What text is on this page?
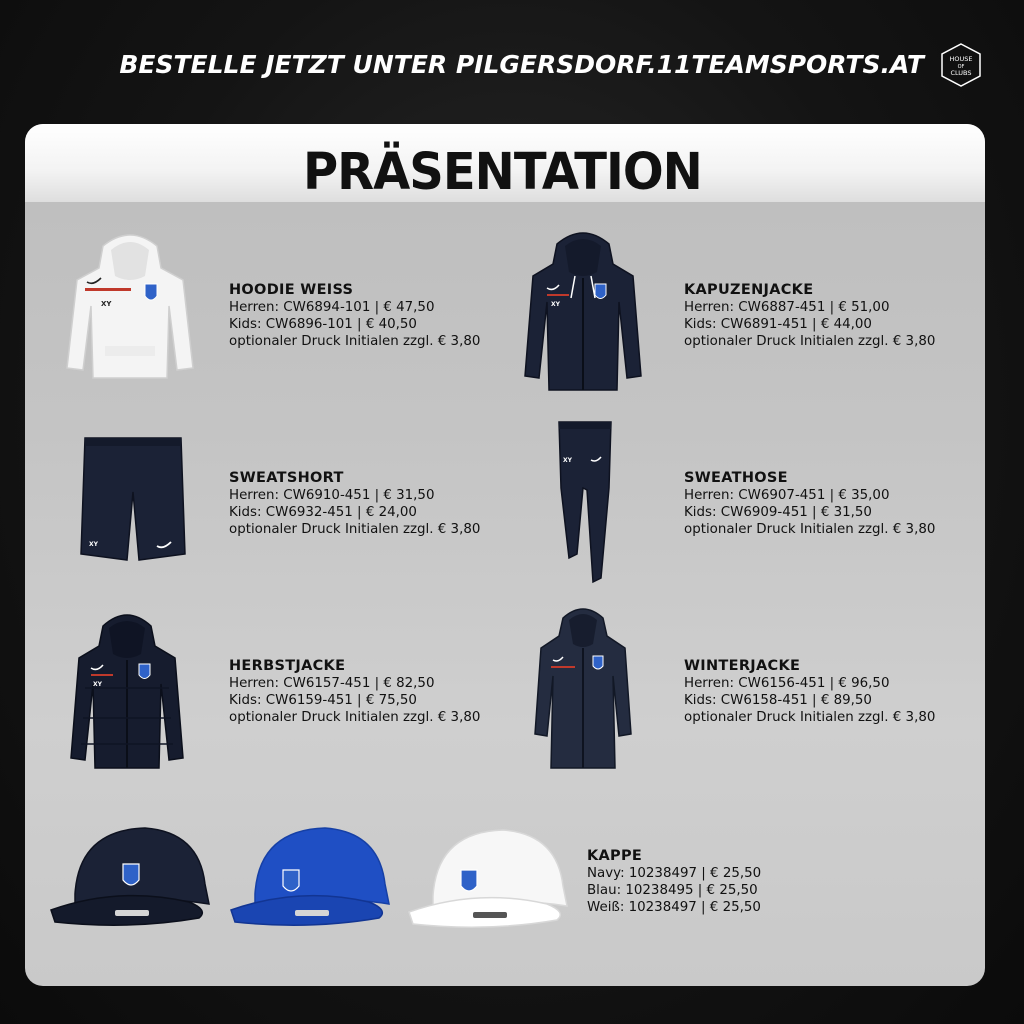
BESTELLE JETZT UNTER PILGERSDORF.11TEAMSPORTS.AT	HOUSE
OF
CLUBS
PRÄSENTATION
XY
HOODIE WEISS
Herren: CW6894-101 | € 47,50
Kids: CW6896-101 | € 40,50
optionaler Druck Initialen zzgl. € 3,80
XY
KAPUZENJACKE
Herren: CW6887-451 | € 51,00
Kids: CW6891-451 | € 44,00
optionaler Druck Initialen zzgl. € 3,80
XY
SWEATSHORT
Herren: CW6910-451 | € 31,50
Kids: CW6932-451 | € 24,00
optionaler Druck Initialen zzgl. € 3,80
XY
SWEATHOSE
Herren: CW6907-451 | € 35,00
Kids: CW6909-451 | € 31,50
optionaler Druck Initialen zzgl. € 3,80
XY
HERBSTJACKE
Herren: CW6157-451 | € 82,50
Kids: CW6159-451 | € 75,50
optionaler Druck Initialen zzgl. € 3,80
WINTERJACKE
Herren: CW6156-451 | € 96,50
Kids: CW6158-451 | € 89,50
optionaler Druck Initialen zzgl. € 3,80
KAPPE
Navy: 10238497 | € 25,50
Blau: 10238495 | € 25,50
Weiß: 10238497 | € 25,50
